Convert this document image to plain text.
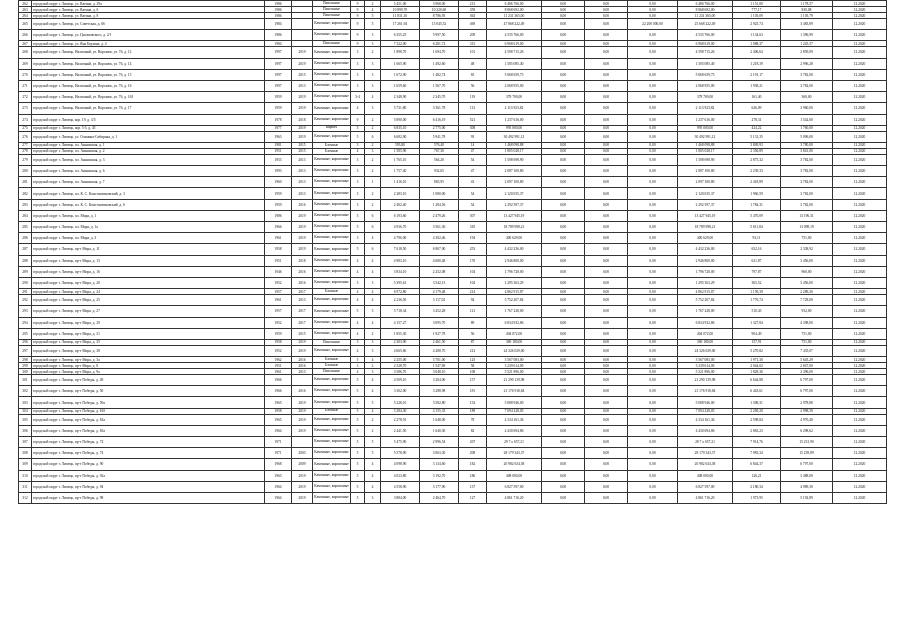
262	городской округ г. Липецк, ул. Ватина, д. 29а	1986		Панельные	9	2	5 451,00	3 968,00	213	6 486 766,00	0,00	0,00	0,00	6 486 766,00	1 151,00	1 178,57	12.2020
263	городской округ г. Липецк, ул. Ватина, д. 6	1986		Панельные	9	4	10 899,70	10 220,60	359	8 868 692,00	0,00	0,00	0,00	8 868 692,00	777,17	830,08	12.2020
264	городской округ г. Липецк, ул. Ватина, д. 8	1986		Панельные	9	5	11 831,10	8 786,95	363	11 231 365,00	0,00	0,00	0,00	11 231 365,00	1 105,09	1 105,79	12.2020
265	городской округ г. Липецк, ул. Советская, д. 66	1984		Каменные, кирпичные	9	5	17 261,94	15 045,52	469	47 868 222,49	0,00	0,00	22 200 000,00	25 668 222,49	2 925,74	3 483,89	12.2020
266	городской округ г. Липецк, ул. Циолковского, д. 2/1	1986		Каменные, кирпичные	9	3	6 355,25	5 997,50	209	4 535 766,00	0,00	0,00	0,00	4 535 766,00	1 134,63	1 396,99	12.2020
267	городской округ г. Липецк, ул. Яна Берзина, д. 4	1984		Панельные	9	3	7 322,00	6 281,72	315	6 968 619,00	0,00	0,00	0,00	6 968 619,00	1 088,37	1 245,57	12.2020
268	городской округ г. Липецк, Наличный, ул. Воронеж, ул. 76, д. 12	1997	2019	Каменные, кирпичные	3	2	1 898,70	1 694,70	101	4 598 715,26	0,00	0,00	0,00	4 598 715,26	2 406,64	2 859,09	12.2020
269	городской округ г. Липецк, Наличный, ул. Воронеж, ул. 76, д. 14	1997	2019	Каменные, кирпичные	3	3	1 665,90	1 492,60	48	1 505 085,40	0,00	0,00	0,00	1 505 085,40	1 218,39	2 996,28	12.2020
270	городской округ г. Липецк, Наличный, ул. Воронеж, ул. 76, д. 15	1997	2015	Каменные, кирпичные	3	3	1 672,90	1 482,74	65	5 068 659,75	0,00	0,00	0,00	5 068 659,75	2 191,17	3 782,00	12.2020
271	городской округ г. Липецк, Наличный, ул. Воронеж, ул. 76, д. 16	1997	2013	Каменные, кирпичные	3	3	1 659,60	1 567,70	56	2 068 955,00	0,00	0,00	0,00	2 068 955,00	1 938,21	3 782,00	12.2020
272	городской округ г. Липецк, Наличный, ул. Воронеж, ул. 76, д. 163	1959	2019	Каменные, кирпичные	3-4	4	2 348,90	2 345,70	119	378 700,00	0,00	0,00	0,00	378 700,00	161,40	360,00	12.2020
273	городской округ г. Липецк, Наличный, ул. Воронеж, ул. 76, д. 17	1959	2019	Каменные, кирпичные	4	3	5 731,80	3 361,78	113	2 113 923,82	0,00	0,00	0,00	2 113 923,82	626,09	3 960,00	12.2020
274	городской округ г. Липецк, кор. 19, д. 3/5	1978	2018	Каменные, кирпичные	9	2	5 890,00	6 416,19	521	1 237 616,00	0,00	0,00	0,00	1 237 616,00	278,31	1 542,00	12.2020
275	городской округ г. Липецк, кор. 5 б, д. 45	1977	2019	кирпич	5	2	6 835,10	2 775,00	308	995 000,00	0,00	0,00	0,00	995 000,00	424,22	1 760,00	12.2020
276	городской округ г. Липецк, ул. Ольмина-Сибиряка, д. 1	1963	2019	Каменные, кирпичные	5	6	6 682,90	5 941,78	93	30 492 991,12	0,00	0,00	0,00	30 492 991,12	5 131,35	5 096,00	12.2020
277	городской округ г. Липецк, пл. Аннинская, д. 1	1981	2015	Блочные	3	2	593,80	576,40	14	1 468 098,88	0,00	0,00	0,00	1 468 098,88	3 849,93	3 780,00	12.2020
278	городской округ г. Липецк, пл. Аннинская, д. 2	1951	2015	Блочные	4	3	1 585,90	767,30	47	1 805 028,17	0,00	0,00	0,00	1 805 028,17	2 356,89	3 841,00	12.2020
279	городской округ г. Липецк, пл. Аннинская, д. 3	1953	2013	Каменные, кирпичные	3	2	1 765,10	564,20	54	1 508 698,90	0,00	0,00	0,00	1 508 698,90	2 875,32	3 782,00	12.2020
280	городской округ г. Липецк, пл. Аннинская, д. 6	1993	2013	Каменные, кирпичные	3	2	1 757,40	932,65	47	2 087 100,80	0,00	0,00	0,00	2 087 100,80	2 239,33	3 782,00	12.2020
281	городской округ г. Липецк, пл. Аннинская, д. 7	1960	2013	Каменные, кирпичные	3	1	1 416,10	865,95	43	2 097 100,80	0,00	0,00	0,00	2 097 100,80	2 418,89	3 782,00	12.2020
282	городской округ г. Липецк, пл. К. С. Константиновский, д. 3	1959	2013	Каменные, кирпичные	3	2	2 283,10	1 080,00	54	2 120 035,37	0,00	0,00	0,00	2 120 035,37	1 960,59	3 782,00	12.2020
283	городской округ г. Липецк, пл. К. С. Константиновский, д. 6	1959	2016	Каменные, кирпичные	3	2	2 402,40	1 284,56	54	2 292 597,37	0,00	0,00	0,00	2 292 597,37	1 784,31	3 782,00	12.2020
284	городской округ г. Липецк, пл. Мира, д. 1	1986	2019	Каменные, кирпичные	5	6	6 193,60	2 479,26	307	13 427 945,19	0,00	0,00	0,00	13 427 945,19	5 470,09	13 196,31	12.2020
285	городской округ г. Липецк, пл. Мира, д. 1а	1966	2019	Каменные, кирпичные	5	6	4 936,70	3 561,36	310	18 789 998,21	0,00	0,00	0,00	18 789 998,21	5 611,84	13 098,19	12.2020
286	городской округ г. Липецк, пл. Мира, д. 3	1961	2019	Каменные, кирпичные	3	4	4 796,00	4 302,46	194	400 629,00	0,00	0,00	0,00	400 629,00	93,11	751,00	12.2020
287	городской округ г. Липецк, пр-т Мира, д. 11	1958	2019	Каменные, кирпичные	5	6	7 618,50	6 867,00	253	4 432 236,00	0,00	0,00	0,00	4 432 236,00	652,16	2 338,92	12.2020
288	городской округ г. Липецк, пр-т Мира, д. 13	1951	2018	Каменные, кирпичные	4	4	4 983,10	4 680,48	170	2 946 800,00	0,00	0,00	0,00	2 946 800,00	621,87	3 456,00	12.2020
289	городской округ г. Липецк, пр-т Мира, д. 16	1946	2016	Каменные, кирпичные	4	4	3 834,10	2 252,08	104	1 796 720,00	0,00	0,00	0,00	1 796 720,00	797,87	960,00	12.2020
290	городской округ г. Липецк, пр-т Мира, д. 20	1952	2016	Каменные, кирпичные	3	3	5 395,61	3 542,13	104	1 295 363,29	0,00	0,00	0,00	1 295 363,29	365,52	3 456,00	12.2020
291	городской округ г. Липецк, пр-т Мира, д. 24	1957	2017	Блочные	4	4	6 972,80	4 179,48	214	4 862 915,87	0,00	0,00	0,00	4 862 915,87	1 159,39	2 289,26	12.2020
292	городской округ г. Липецк, пр-т Мира, д. 25	1961	2013	Каменные, кирпичные	4	4	2 236,50	3 117,02	94	5 752 207,84	0,00	0,00	0,00	5 752 207,84	1 776,74	7 728,00	12.2020
293	городской округ г. Липецк, пр-т Мира, д. 27	1957	2017	Каменные, кирпичные	5	3	5 718,34	3 452,28	121	1 767 228,00	0,00	0,00	0,00	1 767 228,00	510,43	932,00	12.2020
294	городской округ г. Липецк, пр-т Мира, д. 29	1952	2017	Каменные, кирпичные	4	4	4 157,27	3 095,70	89	6 834 932,86	0,00	0,00	0,00	6 834 932,86	1 327,84	4 398,00	12.2020
295	городской округ г. Липецк, пр-т Мира, д. 31	1959	2015	Каменные, кирпичные	4	2	1 855,30	1 927,78	56	404 072,00	0,00	0,00	0,00	404 072,00	904,49	751,00	12.2020
296	городской округ г. Липецк, пр-т Мира, д. 35	1958	2019	Панельные	3	3	2 303,90	2 461,50	87	369 180,00	0,00	0,00	0,00	369 180,00	157,91	751,00	12.2020
297	городской округ г. Липецк, пр-т Мира, д. 38	1952	2019	Каменные, кирпичные	4	3	4 665,60	4 280,70	212	24 326 029,00	0,00	0,00	0,00	24 326 029,00	5 270,82	7 435,07	12.2020
298	городской округ г. Липецк, пр-т Мира, д. 3а	1962	2016	Блочные	5	4	2 255,00	3 701,00	125	3 567 083,00	0,00	0,00	0,00	3 567 083,00	1 971,30	5 645,29	12.2020
299	городской округ г. Липецк, пр-т Мира, д. 8	1951	2016	Блочные	3	2	2 328,70	1 547,69	58	3 239 614,00	0,00	0,00	0,00	3 239 614,00	2 044,02	2 847,00	12.2020
300	городской округ г. Липецк, пр-т Мира, д. 9а	1961	2013	Панельные	4	3	3 586,70	3 048,10	108	5 521 896,00	0,00	0,00	0,00	5 521 896,00	1 828,36	2 396,00	12.2020
301	городской округ г. Липецк, пр-т Победы, д. 49	1966		Каменные, кирпичные	5	4	4 509,10	3 204,00	157	21 290 139,98	0,00	0,00	0,00	21 290 139,98	6 644,88	6 797,00	12.2020
302	городской округ г. Липецк, пр-т Победы, д. 50	1966	2016	Каменные, кирпичные	5	4	3 302,00	3 288,98	181	21 176 918,84	0,00	0,00	0,00	21 176 918,84	6 443,61	6 797,00	12.2020
303	городской округ г. Липецк, пр-т Победы, д. 59а	1965	2019	Каменные, кирпичные	5	5	5 228,10	3 582,80	154	5 088 946,00	0,00	0,00	0,00	5 088 946,00	1 308,31	2 978,88	12.2020
304	городской округ г. Липецк, пр-т Победы, д. 61б	1958	2019	Блочные	5	4	5 284,30	3 155,35	189	7 094 228,05	0,00	0,00	0,00	7 094 228,05	2 269,20	2 998,59	12.2020
305	городской округ г. Липецк, пр-т Победы, д. 63а	1965	2019	Каменные, кирпичные	5	2	2 278,91	1 648,00	78	4 334 161,36	0,00	0,00	0,00	4 334 161,36	2 598,84	4 976,40	12.2020
306	городской округ г. Липецк, пр-т Победы, д. 65а	1964	2019	Каменные, кирпичные	5	2	2 441,50	1 640,30	82	4 430 694,86	0,00	0,00	0,00	4 430 694,86	2 863,23	6 298,62	12.2020
307	городской округ г. Липецк, пр-т Победы, д. 72	1971		Каменные, кирпичные	5	5	5 475,90	2 996,54	207	29 7 о 657,21	0,00	0,00	0,00	28 7 о 657,21	7 914,76	15 231,90	12.2020
308	городской округ г. Липецк, пр-т Победы, д. 74	1971	2003	Каменные, кирпичные	5	5	5 578,90	3 063,30	208	28 179 343,37	0,00	0,00	0,00	28 179 343,37	7 983,34	15 239,89	12.2020
309	городской округ г. Липецк, пр-т Победы, д. 90	1968	2009	Каменные, кирпичные	5	4	4 098,90	3 134,60	182	20 982 634,38	0,00	0,00	0,00	20 982 634,38	6 844,37	6 797,00	12.2020
310	городской округ г. Липецк, пр-т Победы, д. 92а	1963	2019	Каменные, кирпичные	5	4	4 023,80	3 192,70	186	408 000,00	0,00	0,00	0,00	408 000,00	126,21	3 488,00	12.2020
311	городской округ г. Липецк, пр-т Победы, д. 94	1964	2019	Каменные, кирпичные	5	4	4 558,90	3 177,90	137	6 827 597,00	0,00	0,00	0,00	6 827 597,00	2 180,34	4 989,30	12.2020
312	городской округ г. Липецк, пр-т Победы, д. 98	1964	2019	Каменные, кирпичные	5	3	3 884,00	2 464,70	127	4 861 716,20	0,00	0,00	0,00	4 861 716,20	1 973,95	5 192,89	12.2020
